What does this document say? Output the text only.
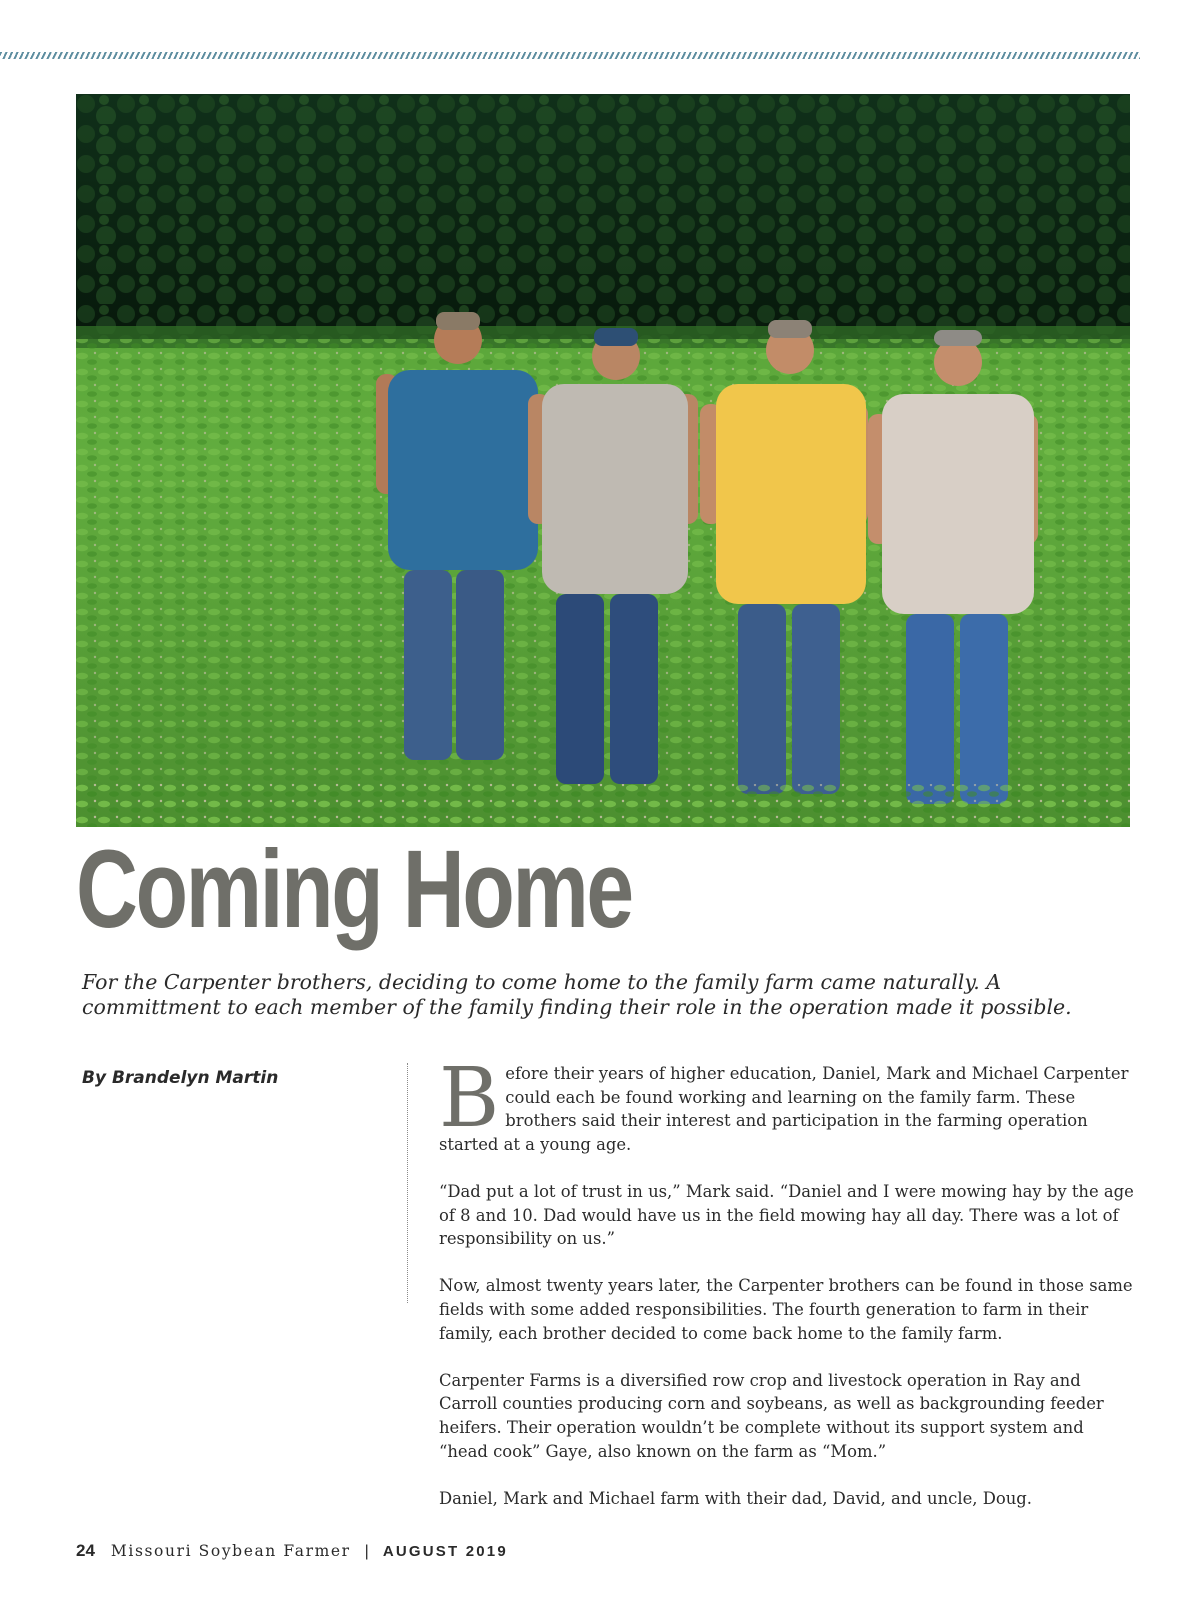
Coming Home

For the Carpenter brothers, deciding to come home to the family farm came naturally. A committment to each member of the family finding their role in the operation made it possible.

By Brandelyn Martin Before their years of higher education, Daniel, Mark and Michael Carpenter could each be found working and learning on the family farm. These brothers said their interest and participation in the farming operation started at a young age.

“Dad put a lot of trust in us,” Mark said. “Daniel and I were mowing hay by the age of 8 and 10. Dad would have us in the field mowing hay all day. There was a lot of responsibility on us.”

Now, almost twenty years later, the Carpenter brothers can be found in those same fields with some added responsibilities. The fourth generation to farm in their family, each brother decided to come back home to the family farm.

Carpenter Farms is a diversified row crop and livestock operation in Ray and Carroll counties producing corn and soybeans, as well as backgrounding feeder heifers. Their operation wouldn’t be complete without its support system and “head cook” Gaye, also known on the farm as “Mom.”

Daniel, Mark and Michael farm with their dad, David, and uncle, Doug.

24 Missouri Soybean Farmer | AUGUST 2019
